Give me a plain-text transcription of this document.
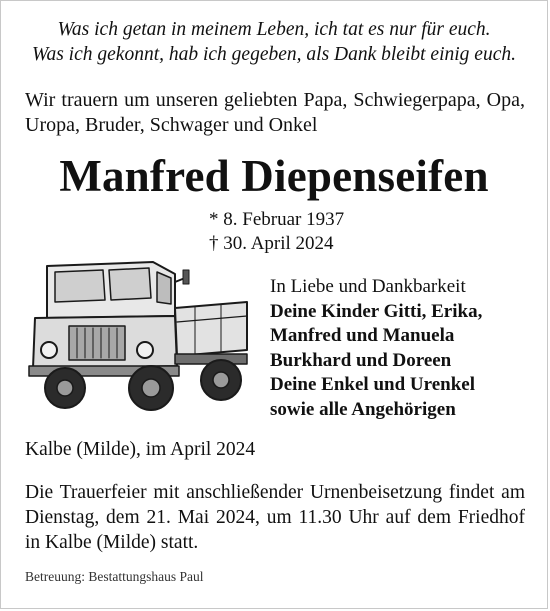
Was ich getan in meinem Leben, ich tat es nur für euch.
Was ich gekonnt, hab ich gegeben, als Dank bleibt einig euch.
Wir trauern um unseren geliebten Papa, Schwiegerpapa, Opa, Uropa, Bruder, Schwager und Onkel
Manfred Diepenseifen
* 8. Februar 1937
† 30. April 2024
In Liebe und Dankbarkeit
Deine Kinder Gitti, Erika,
Manfred und Manuela
Burkhard und Doreen
Deine Enkel und Urenkel
sowie alle Angehörigen
Kalbe (Milde), im April 2024
Die Trauerfeier mit anschließender Urnenbeisetzung findet am Dienstag, dem 21. Mai 2024, um 11.30 Uhr auf dem Friedhof in Kalbe (Milde) statt.
Betreuung: Bestattungshaus Paul
